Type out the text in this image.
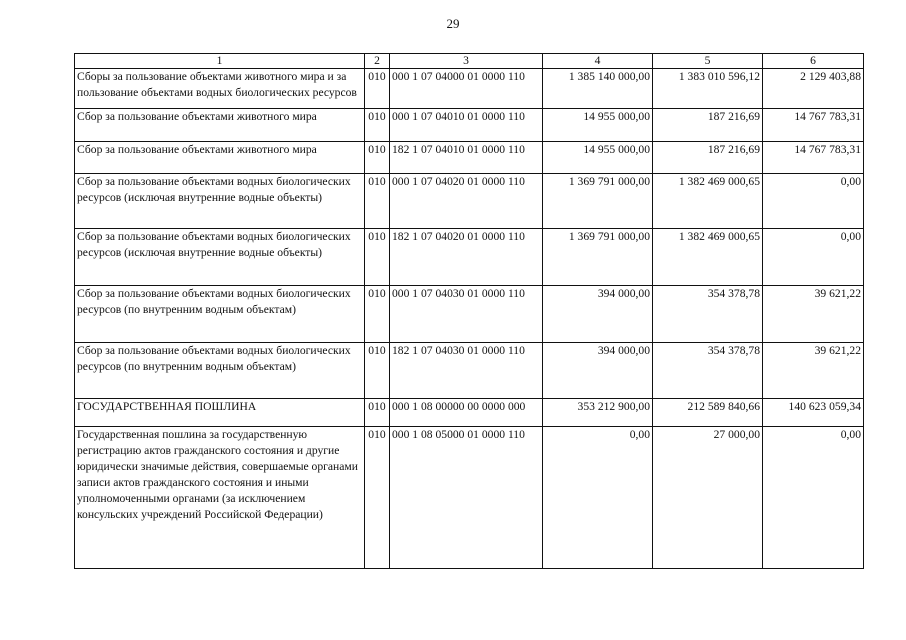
29
1	2	3	4	5	6
Сборы за пользование объектами животного мира и за пользование объектами водных биологических ресурсов	010	000 1 07 04000 01 0000 110	1 385 140 000,00	1 383 010 596,12	2 129 403,88
Сбор за пользование объектами животного мира	010	000 1 07 04010 01 0000 110	14 955 000,00	187 216,69	14 767 783,31
Сбор за пользование объектами животного мира	010	182 1 07 04010 01 0000 110	14 955 000,00	187 216,69	14 767 783,31
Сбор за пользование объектами водных биологических ресурсов (исключая внутренние водные объекты)	010	000 1 07 04020 01 0000 110	1 369 791 000,00	1 382 469 000,65	0,00
Сбор за пользование объектами водных биологических ресурсов (исключая внутренние водные объекты)	010	182 1 07 04020 01 0000 110	1 369 791 000,00	1 382 469 000,65	0,00
Сбор за пользование объектами водных биологических ресурсов (по внутренним водным объектам)	010	000 1 07 04030 01 0000 110	394 000,00	354 378,78	39 621,22
Сбор за пользование объектами водных биологических ресурсов (по внутренним водным объектам)	010	182 1 07 04030 01 0000 110	394 000,00	354 378,78	39 621,22
ГОСУДАРСТВЕННАЯ ПОШЛИНА	010	000 1 08 00000 00 0000 000	353 212 900,00	212 589 840,66	140 623 059,34
Государственная пошлина за государственную регистрацию актов гражданского состояния и другие юридически значимые действия, совершаемые органами записи актов гражданского состояния и иными уполномоченными органами (за исключением консульских учреждений Российской Федерации)	010	000 1 08 05000 01 0000 110	0,00	27 000,00	0,00
